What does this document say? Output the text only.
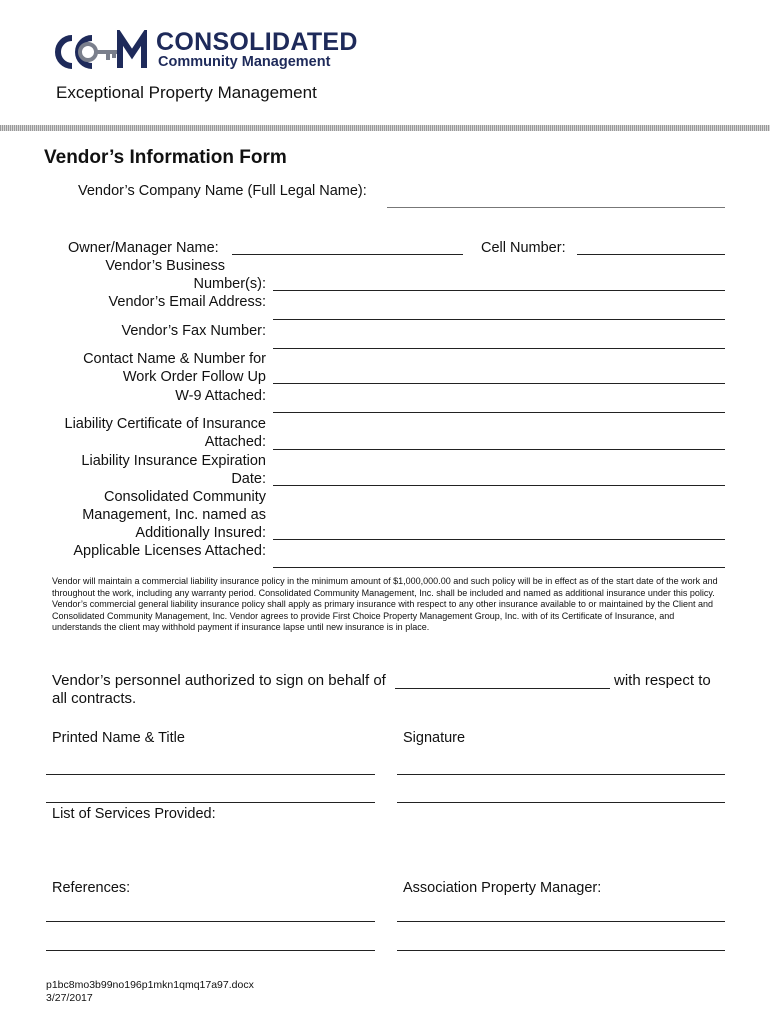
CONSOLIDATED
Community Management
Exceptional Property Management
Vendor’s Information Form
Vendor’s Company Name (Full Legal Name):
Owner/Manager Name:	Cell Number:
Vendor’s Business
Number(s):
Vendor’s Email Address:
Vendor’s Fax Number:
Contact Name & Number for
Work Order Follow Up
W-9 Attached:
Liability Certificate of Insurance
Attached:
Liability Insurance Expiration
Date:
Consolidated Community
Management, Inc. named as
Additionally Insured:
Applicable Licenses Attached:
Vendor will maintain a commercial liability insurance policy in the minimum amount of $1,000,000.00 and such policy will be in effect as of the start date of the work and throughout the work, including any warranty period. Consolidated Community Management, Inc. shall be included and named as additional insurance under this policy. Vendor’s commercial general liability insurance policy shall apply as primary insurance with respect to any other insurance available to or maintained by the Client and Consolidated Community Management, Inc. Vendor agrees to provide First Choice Property Management Group, Inc. with of its Certificate of Insurance, and understands the client may withhold payment if insurance lapse until new insurance is in place.
Vendor’s personnel authorized to sign on behalf of	with respect to
all contracts.
Printed Name & Title	Signature
List of Services Provided:
References:	Association Property Manager:
p1bc8mo3b99no196p1mkn1qmq17a97.docx
3/27/2017
